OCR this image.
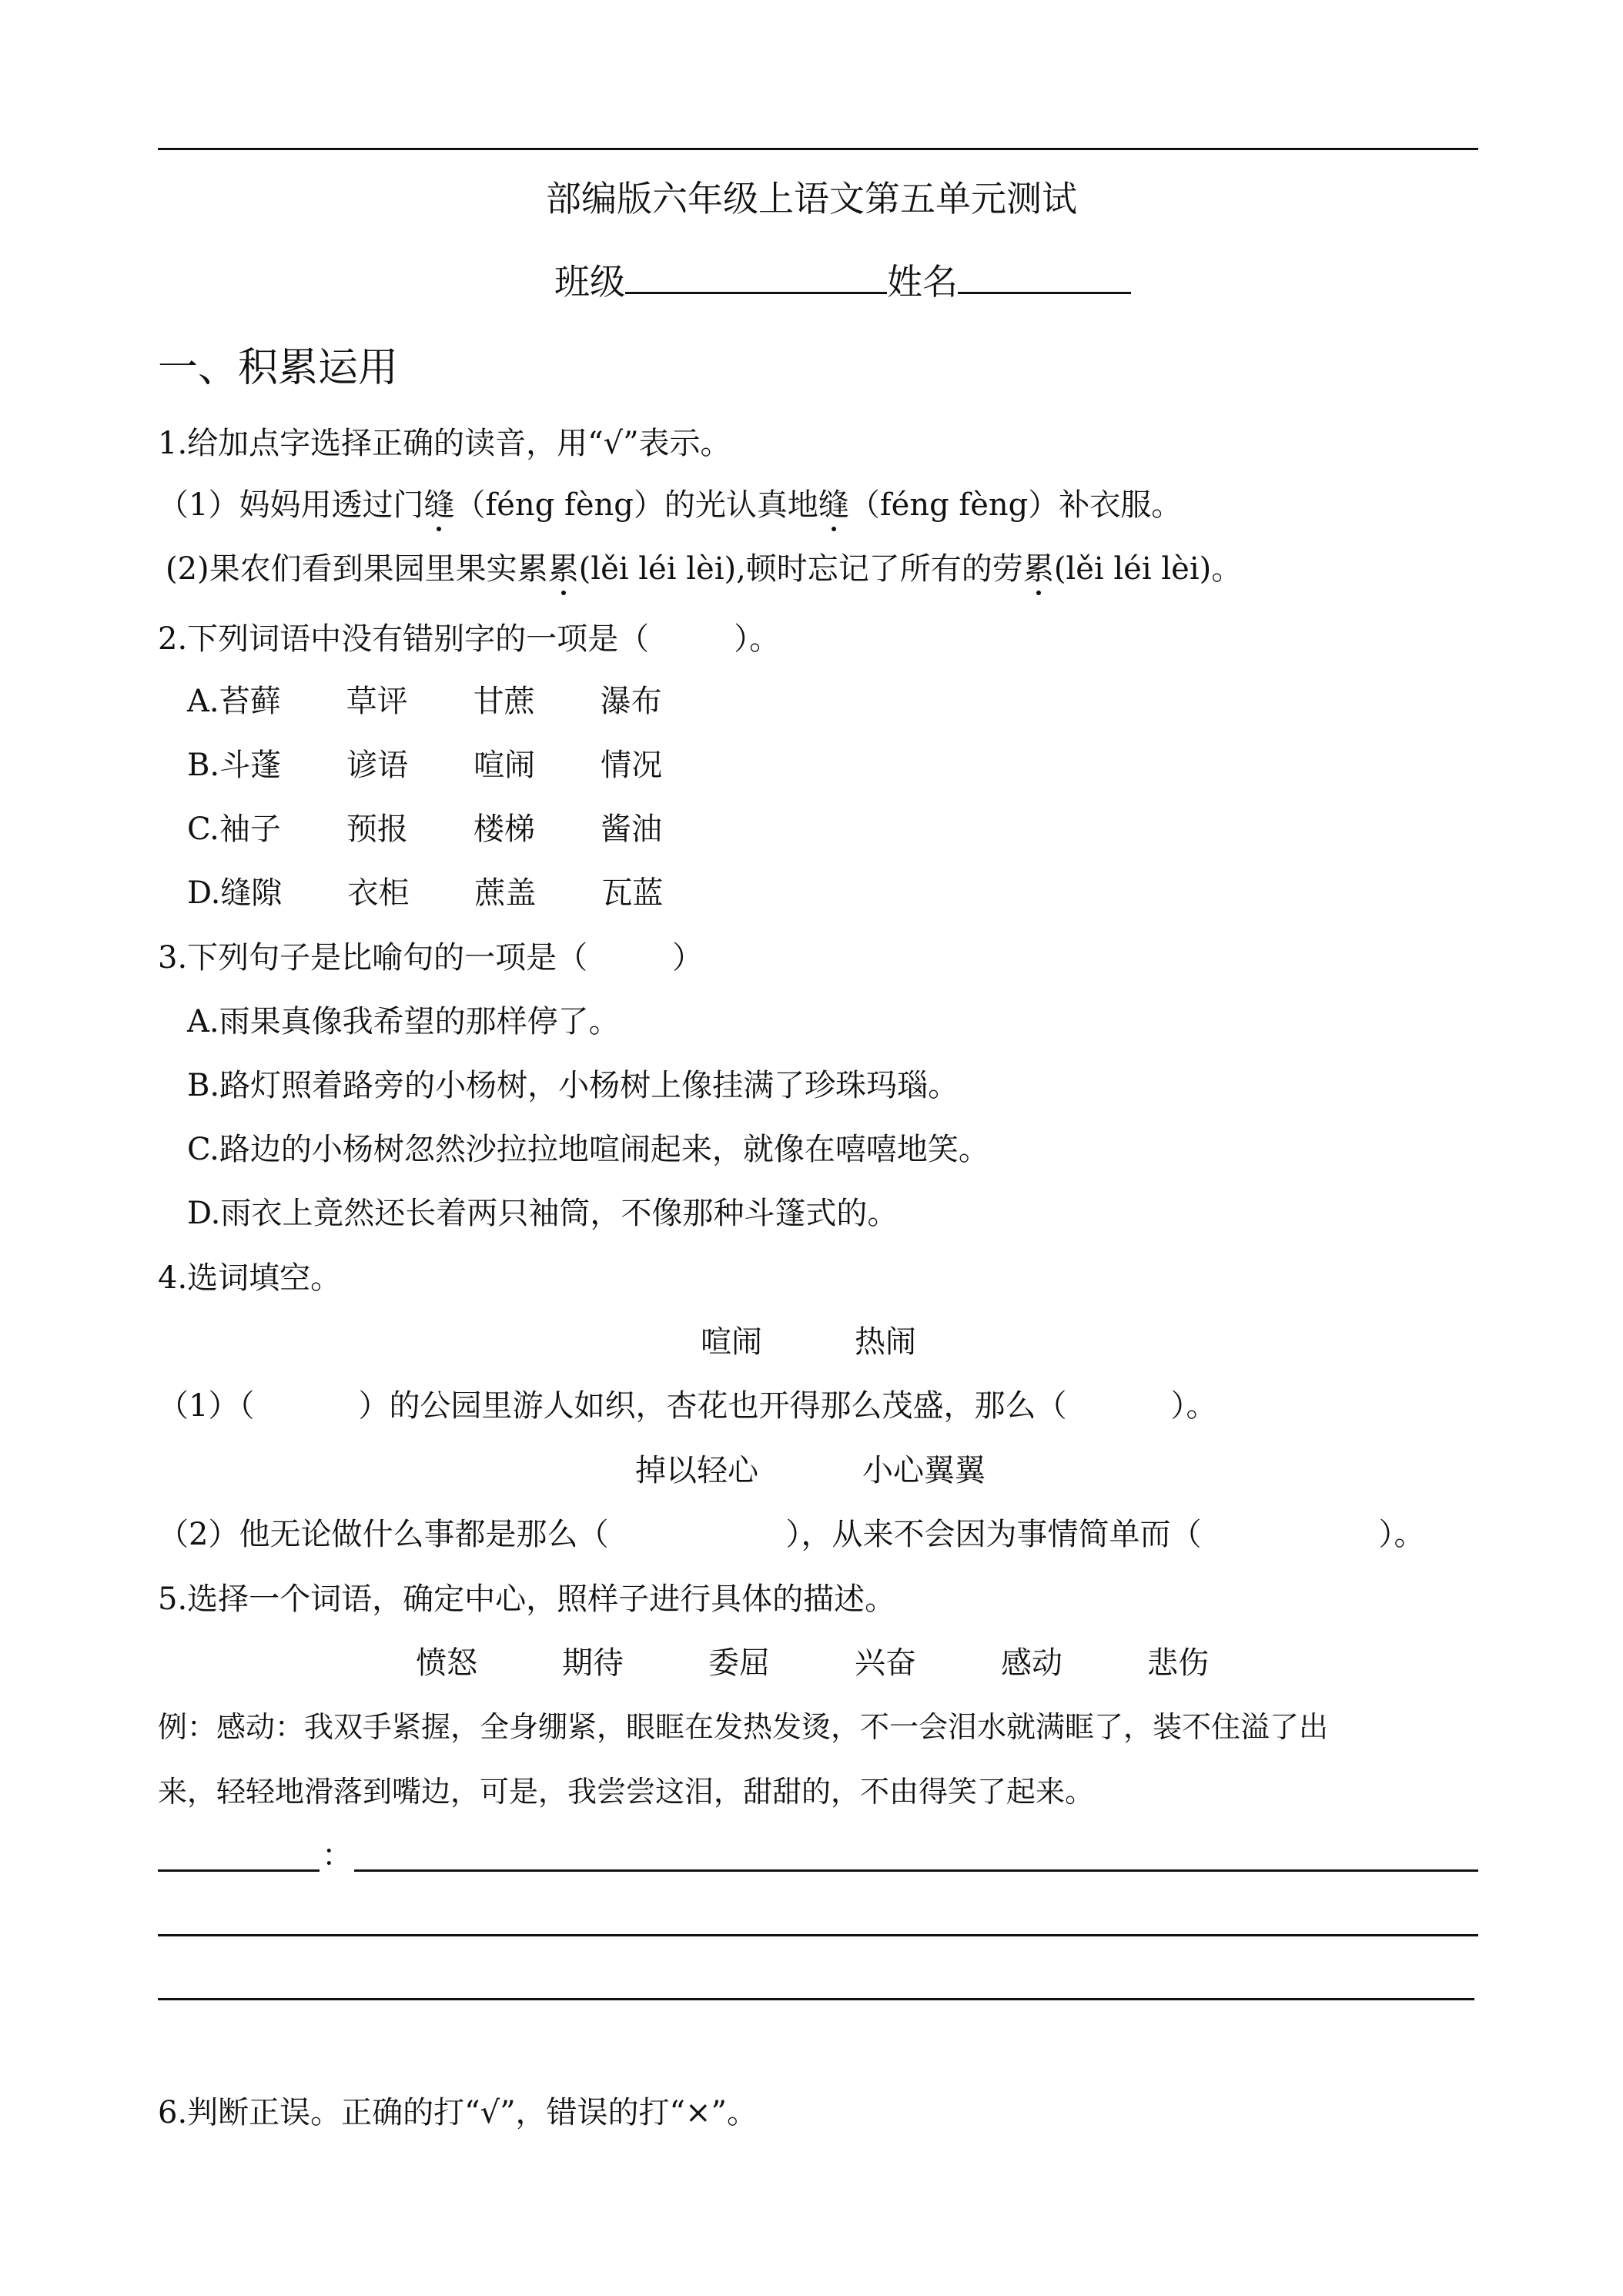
部编版六年级上语文第五单元测试
班级	姓名
一、积累运用
1.给加点字选择正确的读音，用“√”表示。
（1）妈妈用透过门缝（féng fèng）的光认真地缝（féng fèng）补衣服。
(2)果农们看到果园里果实累累(lěi léi lèi),顿时忘记了所有的劳累(lěi léi lèi)。
2.下列词语中没有错别字的一项是（	）。
A.苔藓 草评 甘蔗 瀑布
B.斗蓬 谚语 喧闹 情况
C.袖子 预报 楼梯 酱油
D.缝隙 衣柜 蔗盖 瓦蓝
3.下列句子是比喻句的一项是（	）
A.雨果真像我希望的那样停了。
B.路灯照着路旁的小杨树，小杨树上像挂满了珍珠玛瑙。
C.路边的小杨树忽然沙拉拉地喧闹起来，就像在嘻嘻地笑。
D.雨衣上竟然还长着两只袖筒，不像那种斗篷式的。
4.选词填空。
喧闹	热闹
（1）（	）的公园里游人如织，杏花也开得那么茂盛，那么（	）。
掉以轻心	小心翼翼
（2）他无论做什么事都是那么（	），从来不会因为事情简单而（	）。
5.选择一个词语，确定中心，照样子进行具体的描述。
愤怒	期待	委屈	兴奋	感动	悲伤
例：感动：我双手紧握，全身绷紧，眼眶在发热发烫，不一会泪水就满眶了，装不住溢了出
来，轻轻地滑落到嘴边，可是，我尝尝这泪，甜甜的，不由得笑了起来。
：
6.判断正误。正确的打“√”，错误的打“×”。
